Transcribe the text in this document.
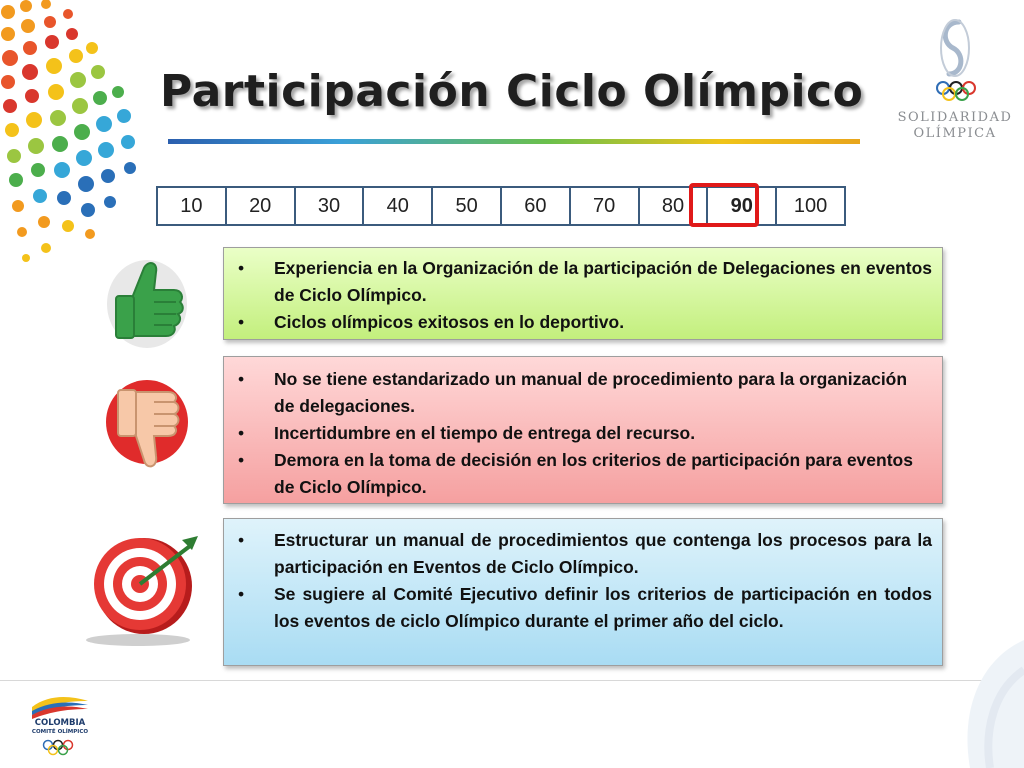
Participación Ciclo Olímpico
SOLIDARIDAD
OLÍMPICA
10	20	30	40	50	60	70	80	90	100
• Experiencia en la Organización de la participación de Delegaciones en eventos de Ciclo Olímpico.
• Ciclos olímpicos exitosos en lo deportivo.
• No se tiene estandarizado un manual de procedimiento para la organización de delegaciones.
• Incertidumbre en el tiempo de entrega del recurso.
• Demora en la toma de decisión en los criterios de participación para eventos de Ciclo Olímpico.
• Estructurar un manual de procedimientos que contenga los procesos para la participación en Eventos de Ciclo Olímpico.
• Se sugiere al Comité Ejecutivo definir los criterios de participación en todos los eventos de ciclo Olímpico durante el primer año del ciclo.
COLOMBIA
COMITÉ OLÍMPICO
